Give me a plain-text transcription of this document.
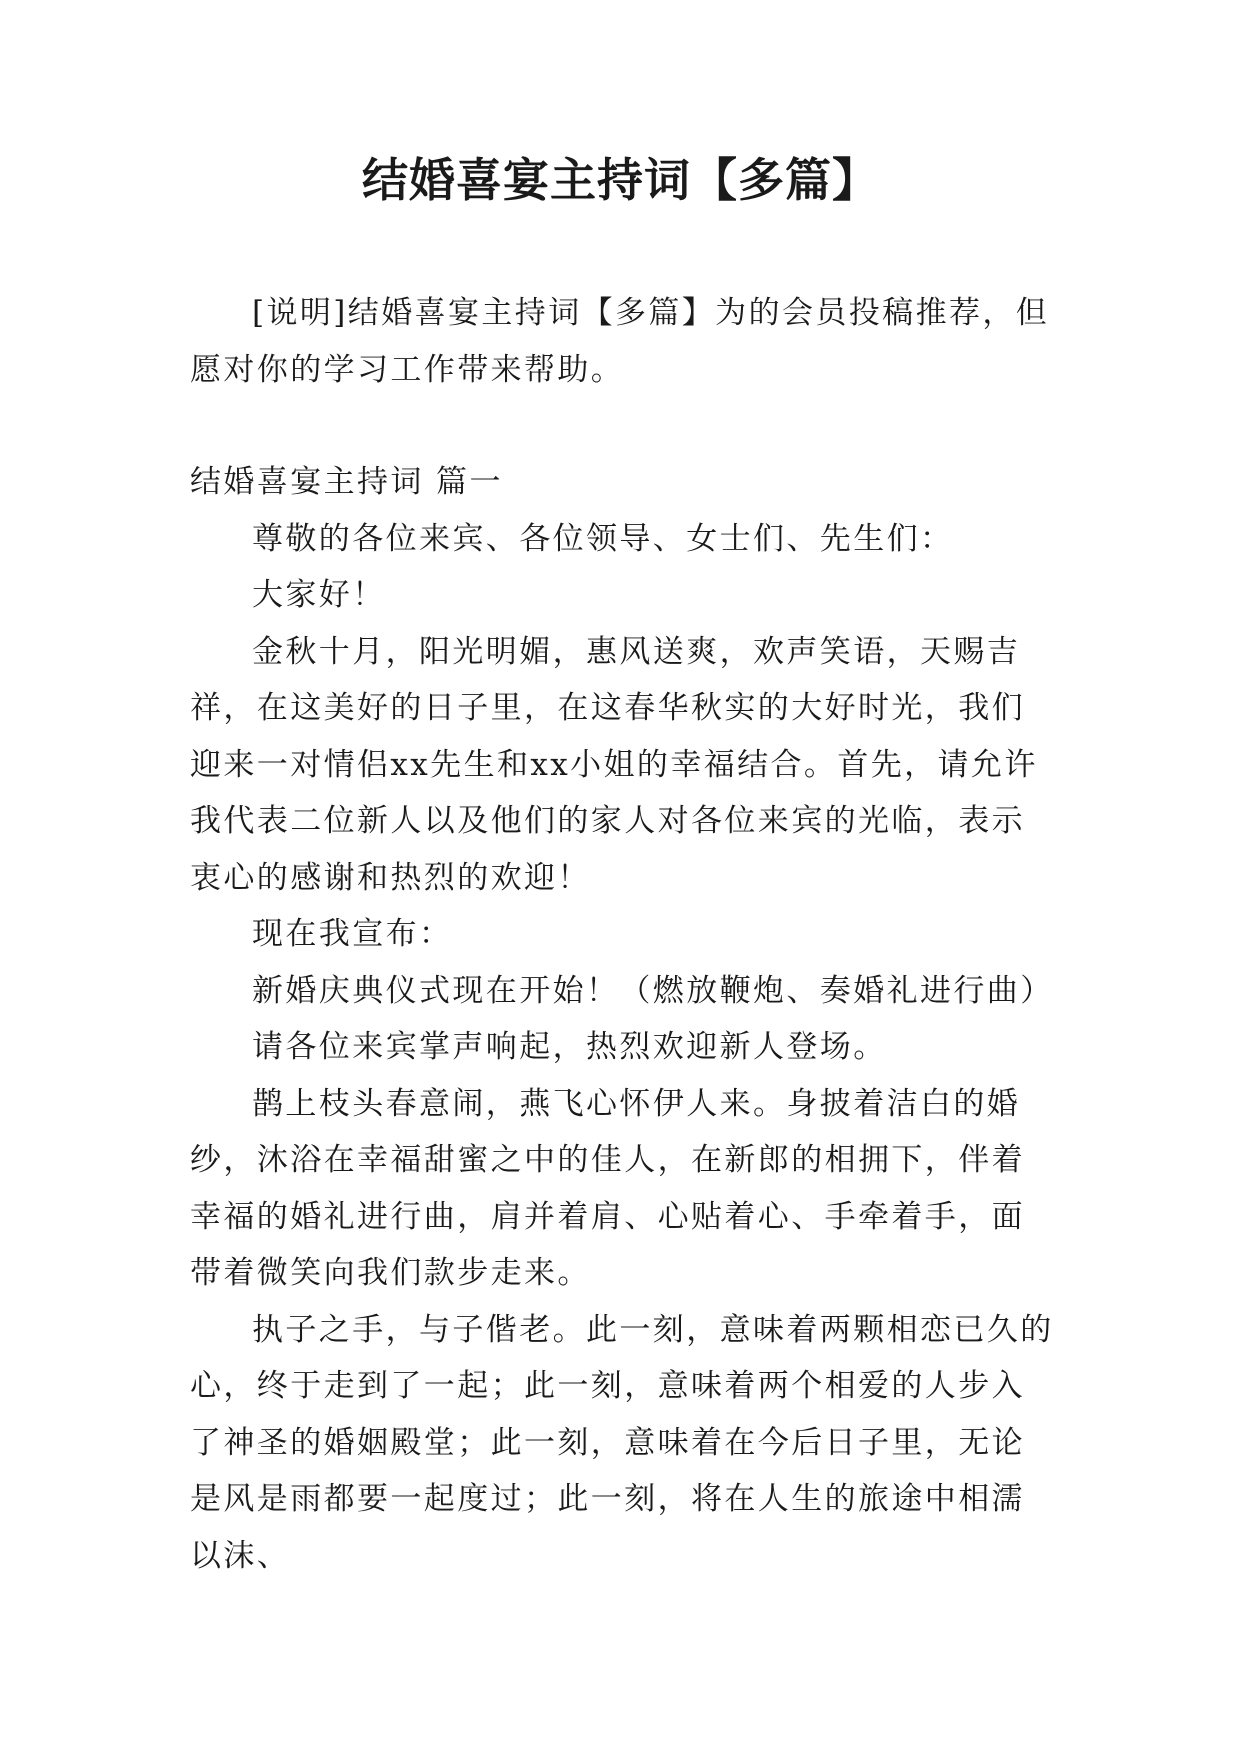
结婚喜宴主持词【多篇】

[说明]结婚喜宴主持词【多篇】为的会员投稿推荐，但愿对你的学习工作带来帮助。

结婚喜宴主持词 篇一

尊敬的各位来宾、各位领导、女士们、先生们：

大家好！

金秋十月，阳光明媚，惠风送爽，欢声笑语，天赐吉祥，在这美好的日子里，在这春华秋实的大好时光，我们迎来一对情侣xx先生和xx小姐的幸福结合。首先，请允许我代表二位新人以及他们的家人对各位来宾的光临，表示衷心的感谢和热烈的欢迎！

现在我宣布：

新婚庆典仪式现在开始！（燃放鞭炮、奏婚礼进行曲）

请各位来宾掌声响起，热烈欢迎新人登场。

鹊上枝头春意闹，燕飞心怀伊人来。身披着洁白的婚纱，沐浴在幸福甜蜜之中的佳人，在新郎的相拥下，伴着幸福的婚礼进行曲，肩并着肩、心贴着心、手牵着手，面带着微笑向我们款步走来。

执子之手，与子偕老。此一刻，意味着两颗相恋已久的心，终于走到了一起；此一刻，意味着两个相爱的人步入了神圣的婚姻殿堂；此一刻，意味着在今后日子里，无论是风是雨都要一起度过；此一刻，将在人生的旅途中相濡以沫、
